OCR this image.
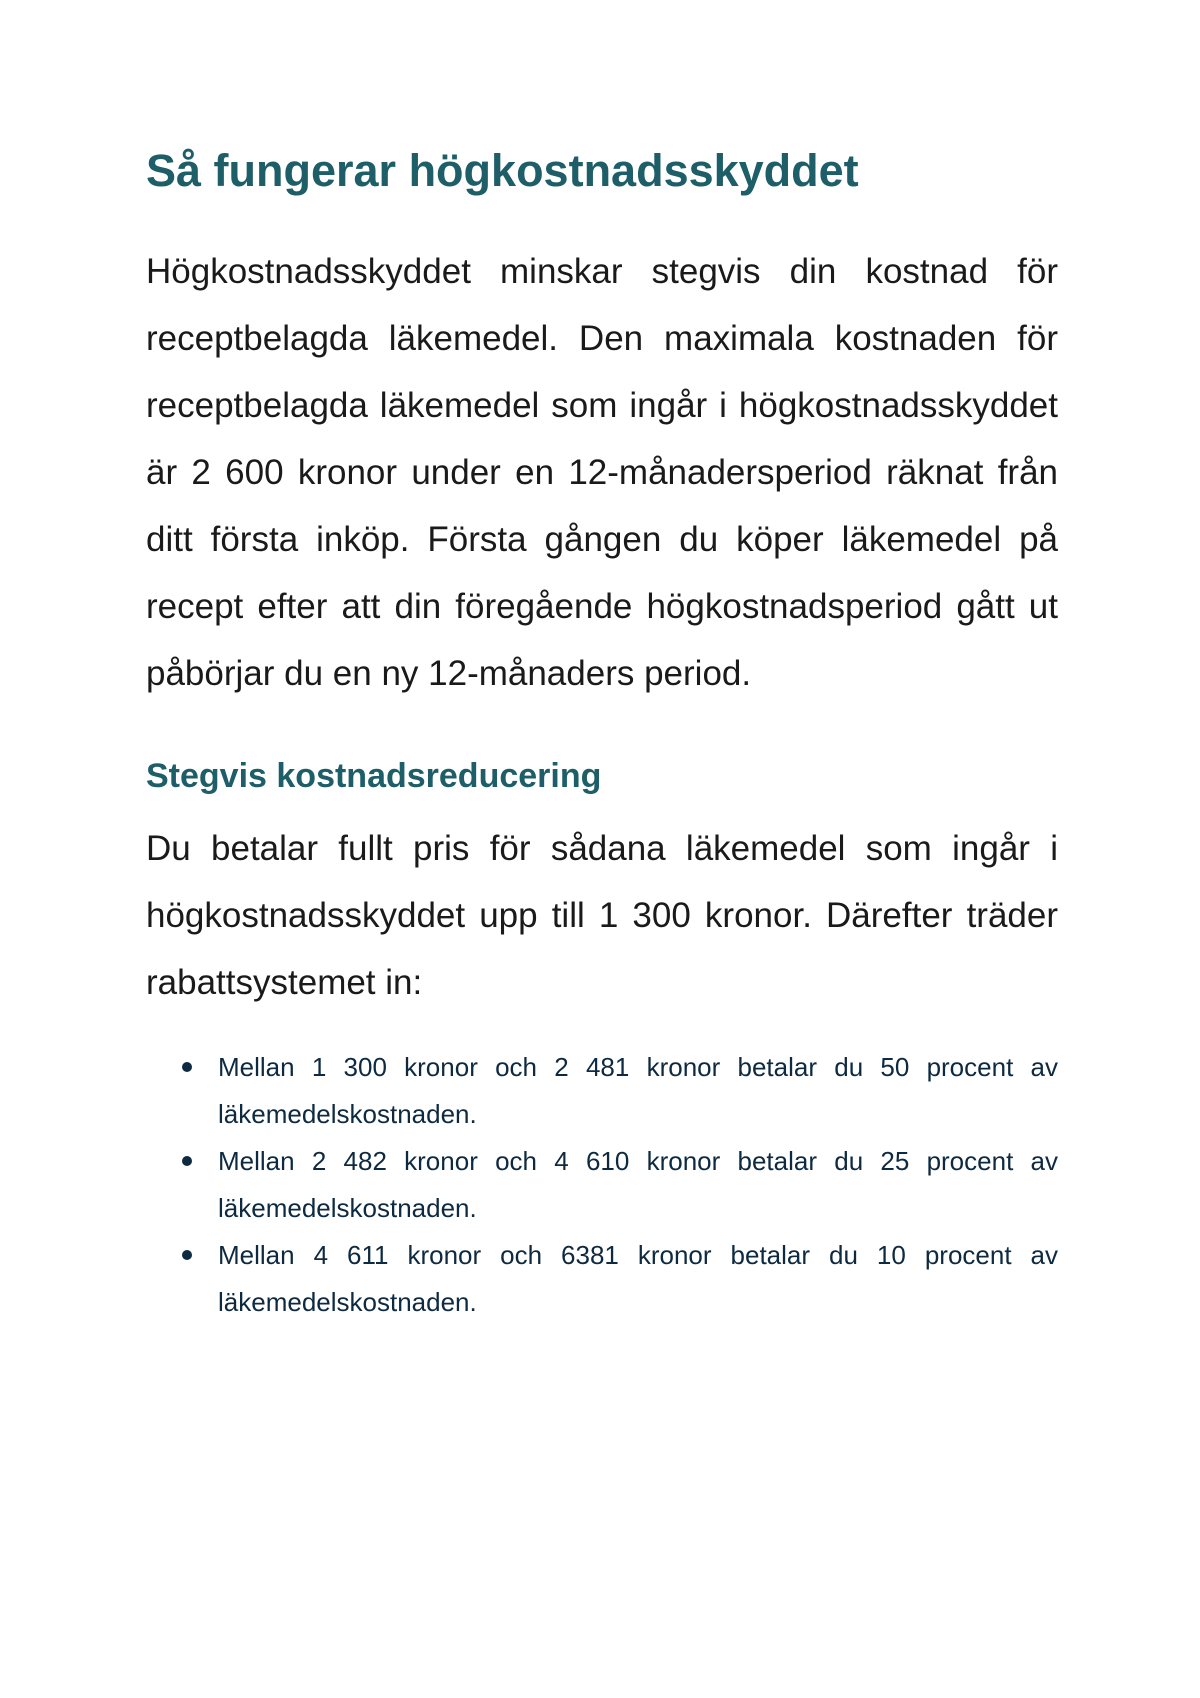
Så fungerar högkostnadsskyddet

Högkostnadsskyddet minskar stegvis din kostnad för receptbelagda läkemedel. Den maximala kostnaden för receptbelagda läkemedel som ingår i högkostnadsskyddet är 2 600 kronor under en 12-månadersperiod räknat från ditt första inköp. Första gången du köper läkemedel på recept efter att din föregående högkostnadsperiod gått ut påbörjar du en ny 12-månaders period.

Stegvis kostnadsreducering

Du betalar fullt pris för sådana läkemedel som ingår i högkostnadsskyddet upp till 1 300 kronor. Därefter träder rabattsystemet in:

Mellan 1 300 kronor och 2 481 kronor betalar du 50 procent av läkemedelskostnaden.
Mellan 2 482 kronor och 4 610 kronor betalar du 25 procent av läkemedelskostnaden.
Mellan 4 611 kronor och 6381 kronor betalar du 10 procent av läkemedelskostnaden.
